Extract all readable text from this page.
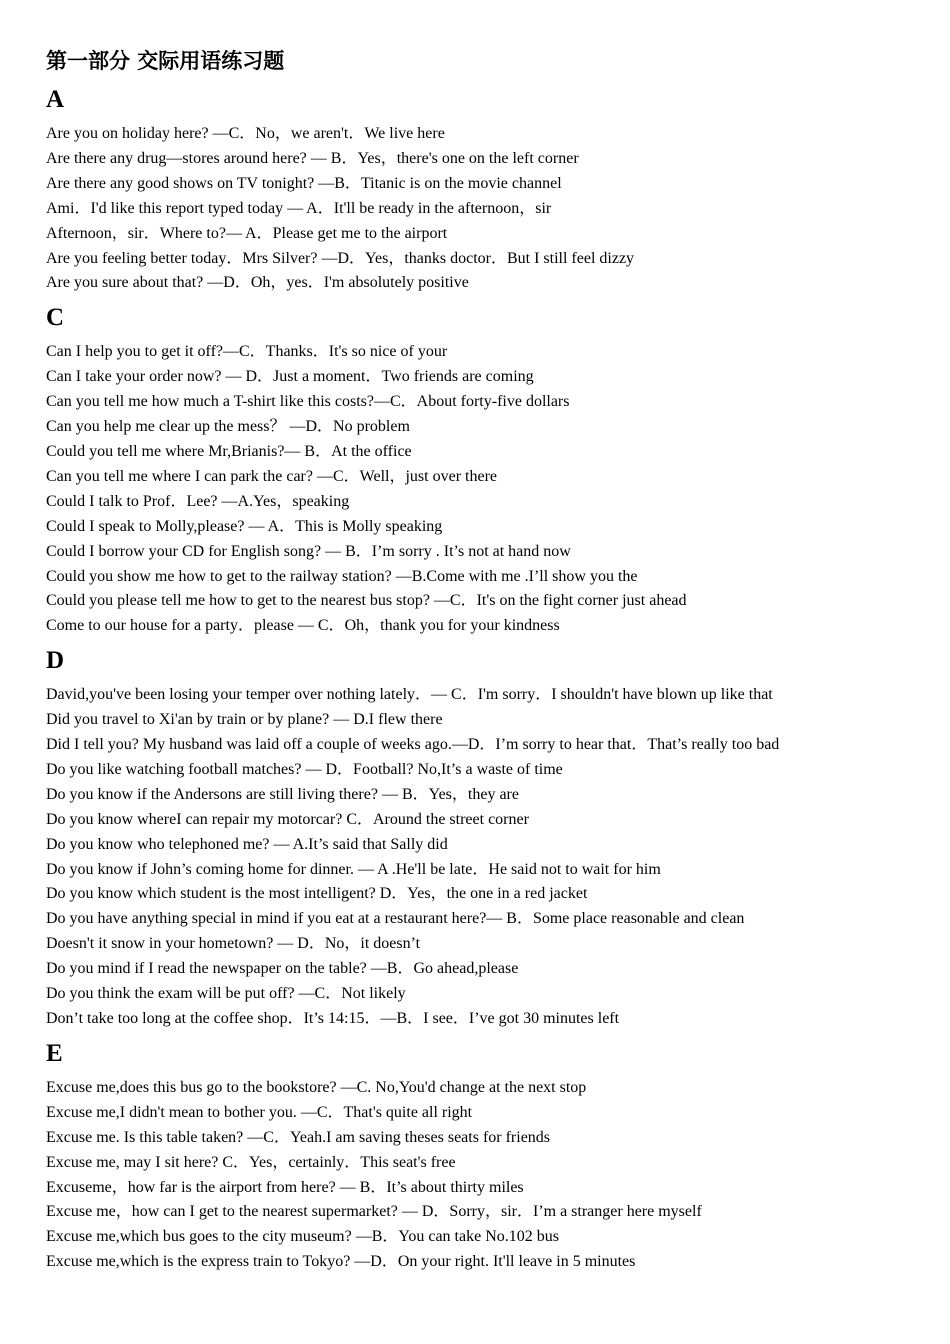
第一部分 交际用语练习题
A

Are you on holiday here? —C．No，we aren't．We live here

Are there any drug—stores around here? — B．Yes，there's one on the left corner

Are there any good shows on TV tonight? —B．Titanic is on the movie channel

Ami．I'd like this report typed today — A．It'll be ready in the afternoon，sir

Afternoon，sir．Where to?— A．Please get me to the airport

Are you feeling better today．Mrs Silver? —D．Yes，thanks doctor．But I still feel dizzy

Are you sure about that? —D．Oh，yes．I'm absolutely positive

C

Can I help you to get it off?—C．Thanks．It's so nice of your

Can I take your order now? — D．Just a moment．Two friends are coming

Can you tell me how much a T-shirt like this costs?—C．About forty-five dollars

Can you help me clear up the mess？ —D．No problem

Could you tell me where Mr,Brianis?— B．At the office

Can you tell me where I can park the car? —C．Well，just over there

Could I talk to Prof．Lee? —A.Yes，speaking

Could I speak to Molly,please? — A．This is Molly speaking

Could I borrow your CD for English song? — B．I’m sorry . It’s not at hand now

Could you show me how to get to the railway station? —B.Come with me .I’ll show you the

Could you please tell me how to get to the nearest bus stop? —C．It's on the fight corner just ahead

Come to our house for a party．please — C．Oh，thank you for your kindness

D

David,you've been losing your temper over nothing lately．— C．I'm sorry．I shouldn't have blown up like that

Did you travel to Xi'an by train or by plane? — D.I flew there

Did I tell you? My husband was laid off a couple of weeks ago.—D．I’m sorry to hear that．That’s really too bad

Do you like watching football matches? — D．Football? No,It’s a waste of time

Do you know if the Andersons are still living there? — B．Yes，they are

Do you know whereI can repair my motorcar? C．Around the street corner

Do you know who telephoned me? — A.It’s said that Sally did

Do you know if John’s coming home for dinner. — A .He'll be late．He said not to wait for him

Do you know which student is the most intelligent? D．Yes，the one in a red jacket

Do you have anything special in mind if you eat at a restaurant here?— B．Some place reasonable and clean

Doesn't it snow in your hometown? — D．No，it doesn’t

Do you mind if I read the newspaper on the table? —B．Go ahead,please

Do you think the exam will be put off? —C．Not likely

Don’t take too long at the coffee shop．It’s 14:15．—B．I see．I’ve got 30 minutes left

E

Excuse me,does this bus go to the bookstore? —C. No,You'd change at the next stop

Excuse me,I didn't mean to bother you. —C．That's quite all right

Excuse me. Is this table taken? —C．Yeah.I am saving theses seats for friends

Excuse me, may I sit here? C．Yes，certainly．This seat's free

Excuseme，how far is the airport from here? — B．It’s about thirty miles

Excuse me，how can I get to the nearest supermarket? — D．Sorry，sir．I’m a stranger here myself

Excuse me,which bus goes to the city museum? —B．You can take No.102 bus

Excuse me,which is the express train to Tokyo? —D．On your right. It'll leave in 5 minutes
